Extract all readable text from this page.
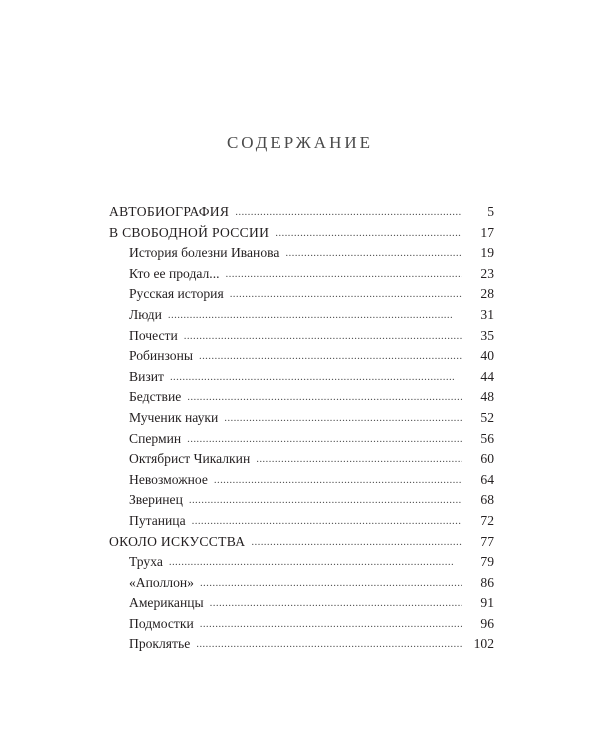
СОДЕРЖАНИЕ
АВТОБИОГРАФИЯ . . .	5
В СВОБОДНОЙ РОССИИ . . .	17
История болезни Иванова . . .	19
Кто ее продал... . . .	23
Русская история . . .	28
Люди . . .	31
Почести . . .	35
Робинзоны . . .	40
Визит . . .	44
Бедствие . . .	48
Мученик науки . . .	52
Спермин . . .	56
Октябрист Чикалкин . . .	60
Невозможное . . .	64
Зверинец . . .	68
Путаница . . .	72
ОКОЛО ИСКУССТВА . . .	77
Труха . . .	79
«Аполлон» . . .	86
Американцы . . .	91
Подмостки . . .	96
Проклятье . . .	102
